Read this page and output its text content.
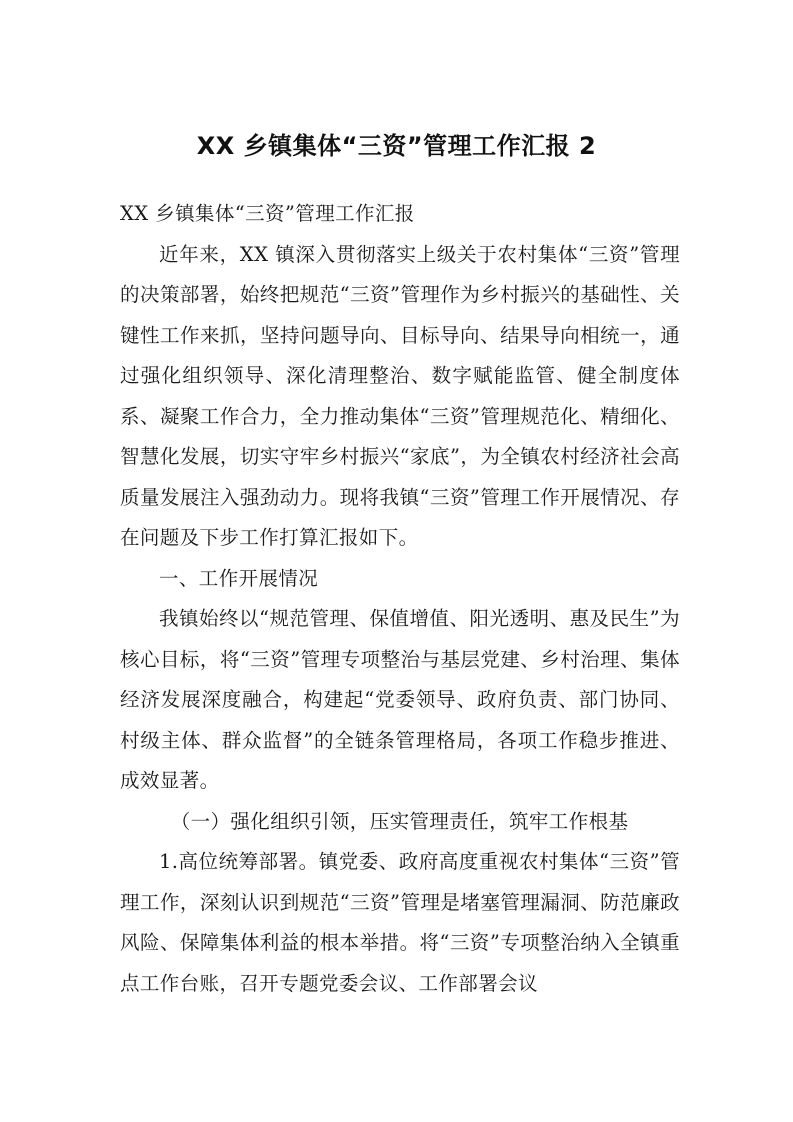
XX 乡镇集体“三资”管理工作汇报 2

XX 乡镇集体“三资”管理工作汇报

近年来，XX 镇深入贯彻落实上级关于农村集体“三资”管理的决策部署，始终把规范“三资”管理作为乡村振兴的基础性、关键性工作来抓，坚持问题导向、目标导向、结果导向相统一，通过强化组织领导、深化清理整治、数字赋能监管、健全制度体系、凝聚工作合力，全力推动集体“三资”管理规范化、精细化、智慧化发展，切实守牢乡村振兴“家底”，为全镇农村经济社会高质量发展注入强劲动力。现将我镇“三资”管理工作开展情况、存在问题及下步工作打算汇报如下。

一、工作开展情况

我镇始终以“规范管理、保值增值、阳光透明、惠及民生”为核心目标，将“三资”管理专项整治与基层党建、乡村治理、集体经济发展深度融合，构建起“党委领导、政府负责、部门协同、村级主体、群众监督”的全链条管理格局，各项工作稳步推进、成效显著。

（一）强化组织引领，压实管理责任，筑牢工作根基

1.高位统筹部署。镇党委、政府高度重视农村集体“三资”管理工作，深刻认识到规范“三资”管理是堵塞管理漏洞、防范廉政风险、保障集体利益的根本举措。将“三资”专项整治纳入全镇重点工作台账，召开专题党委会议、工作部署会议
